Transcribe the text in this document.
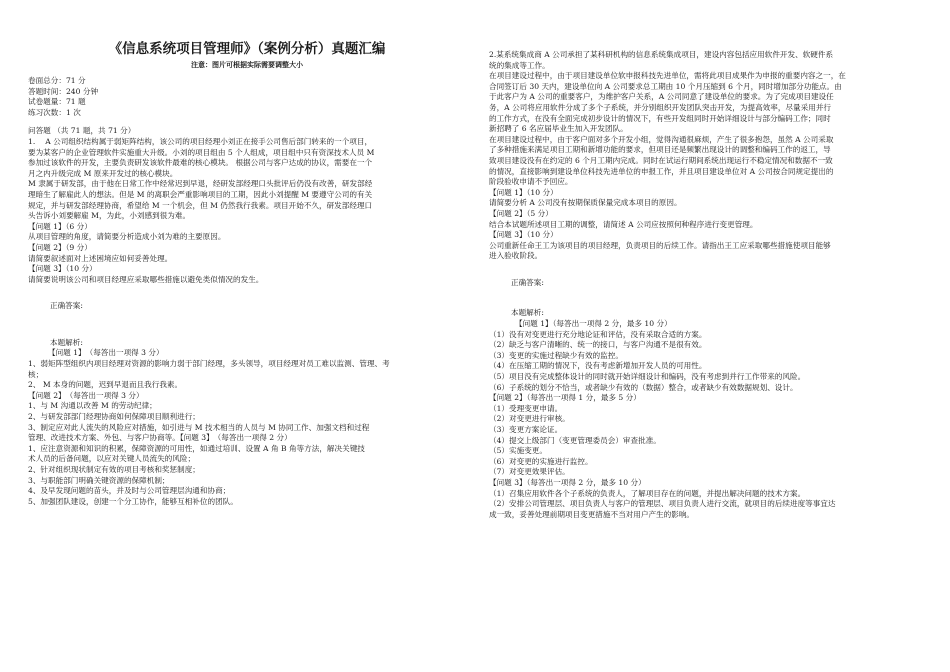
《信息系统项目管理师》（案例分析）真题汇编
注意：图片可根据实际需要调整大小

卷面总分：71 分

答题时间：240 分钟

试卷题量：71 题

练习次数：1 次

问答题 （共 71 题，共 71 分）

1.　 A 公司组织结构属于弱矩阵结构，该公司的项目经理小刘正在接手公司售后部门转来的一个项目，

要为某客户的企业管理软件实施重大升级。小刘的项目组由 5 个人组成，项目组中只有资深技术人员 M

参加过该软件的开发，主要负责研发该软件最难的核心模块。 根据公司与客户达成的协议，需要在一个

月之内升级完成 M 原来开发过的核心模块。

M 隶属于研发部，由于他在日常工作中经常迟到早退，经研发部经理口头批评后仍没有改善，研发部经

理暗生了解雇此人的想法。但是 M 的离职会严重影响项目的工期，因此小刘提醒 M 要遵守公司的有关

规定，并与研发部经理协商，希望给 M 一个机会，但 M 仍然我行我素。项目开始不久，研发部经理口

头告诉小刘要解雇 M，为此，小刘感到很为难。

【问题 1】（6 分）

从项目管理的角度，请简要分析造成小刘为难的主要原因。

【问题 2】（9 分）

请简要叙述面对上述困境应如何妥善处理。

【问题 3】（10 分）

请简要说明该公司和项目经理应采取哪些措施以避免类似情况的发生。

正确答案:

本题解析:

【问题 1】　（每答出一项得 3 分）

1、弱矩阵型组织内项目经理对资源的影响力弱于部门经理，多头领导，项目经理对员工难以监测、管理、考

核；

2、 M 本身的问题，迟到早退而且我行我素。

【问题 2】　（每答出一项得 3 分）

1、与 M 沟通以改善 M 的劳动纪律；

2、与研发部部门经理协商如何保障项目顺利进行；

3、制定应对此人流失的风险应对措施，如引进与 M 技术相当的人员与 M 协同工作、加强文档和过程

管理、改进技术方案、外包、与客户协商等。【问题 3】　（每答出一项得 2 分）

1、应注意资源和知识的积累，保障资源的可用性，如通过培训、设置 A 角 B 角等方法，解决关键技

术人员的后备问题，以应对关键人员流失的风险；

2、针对组织现状制定有效的项目考核和奖惩制度；

3、与职能部门明确关键资源的保障机制；

4、及早发现问题的苗头，并及时与公司管理层沟通和协商；

5、加强团队建设，创建一个分工协作，能够互相补位的团队。

2.某系统集成商 A 公司承担了某科研机构的信息系统集成项目，建设内容包括应用软件开发、软硬件系

统的集成等工作。

在项目建设过程中，由于项目建设单位软申报科技先进单位，需将此项目成果作为申报的重要内容之一，在

合同签订后 30 天内，建设单位向 A 公司要求总工期由 10 个月压缩到 6 个月，同时增加部分功能点。由

于此客户为 A 公司的重要客户，为维护客户关系，A 公司同意了建设单位的要求。为了完成项目建设任

务，A 公司将应用软件分成了多个子系统，并分别组织开发团队突击开发，为提高效率，尽量采用并行

的工作方式，在没有全面完成初步设计的情况下，有些开发组同时开始详细设计与部分编码工作；同时

新招聘了 6 名应届毕业生加入开发团队。

在项目建设过程中，由于客户面对多个开发小组，觉得沟通很麻烦，产生了很多抱怨，虽然 A 公司采取

了多种措施来满足项目工期和新增功能的要求，但项目还是频繁出现设计的调整和编码工作的返工，导

致项目建设没有在约定的 6 个月工期内完成。同时在试运行期间系统出现运行不稳定情况和数据不一致

的情况，直接影响到建设单位科技先进单位的申报工作，并且项目建设单位对 A 公司按合同规定提出的

阶段验收申请不予回应。

【问题 1】（10 分）

请简要分析 A 公司没有按期保质保量完成本项目的原因。

【问题 2】（5 分）

结合本试题所述项目工期的调整，请简述 A 公司应按照何种程序进行变更管理。

【问题 3】（10 分）

公司重新任命王工为该项目的项目经理，负责项目的后续工作。请指出王工应采取哪些措施使项目能够

进入验收阶段。

正确答案:

本题解析:

【问题 1】（每答出一项得 2 分，最多 10 分）

（1）没有对变更进行充分地论证和评估，没有采取合适的方案。

（2）缺乏与客户清晰的、统一的接口，与客户沟通不是很有效。

（3）变更的实施过程缺少有效的监控。

（4）在压缩工期的情况下，没有考虑新增加开发人员的可用性。

（5）项目没有完成整体设计的同时就开始详细设计和编码，没有考虑到并行工作带来的风险。

（6）子系统的划分不恰当，或者缺少有效的（数据）整合，或者缺少有效数据规划、设计。

【问题 2】（每答出一项得 1 分，最多 5 分）

（1）受理变更申请。

（2）对变更进行审核。

（3）变更方案论证。

（4）提交上级部门（变更管理委员会）审查批准。

（5）实施变更。

（6）对变更的实施进行监控。

（7）对变更效果评估。

【问题 3】（每答出一项得 2 分，最多 10 分）

（1）召集应用软件各个子系统的负责人，了解项目存在的问题，并提出解决问题的技术方案。

（2）安排公司管理层、项目负责人与客户的管理层、项目负责人进行交流，就项目的后续进度等事宜达

成一致，妥善处理前期项目变更措施不当对用户产生的影响。
